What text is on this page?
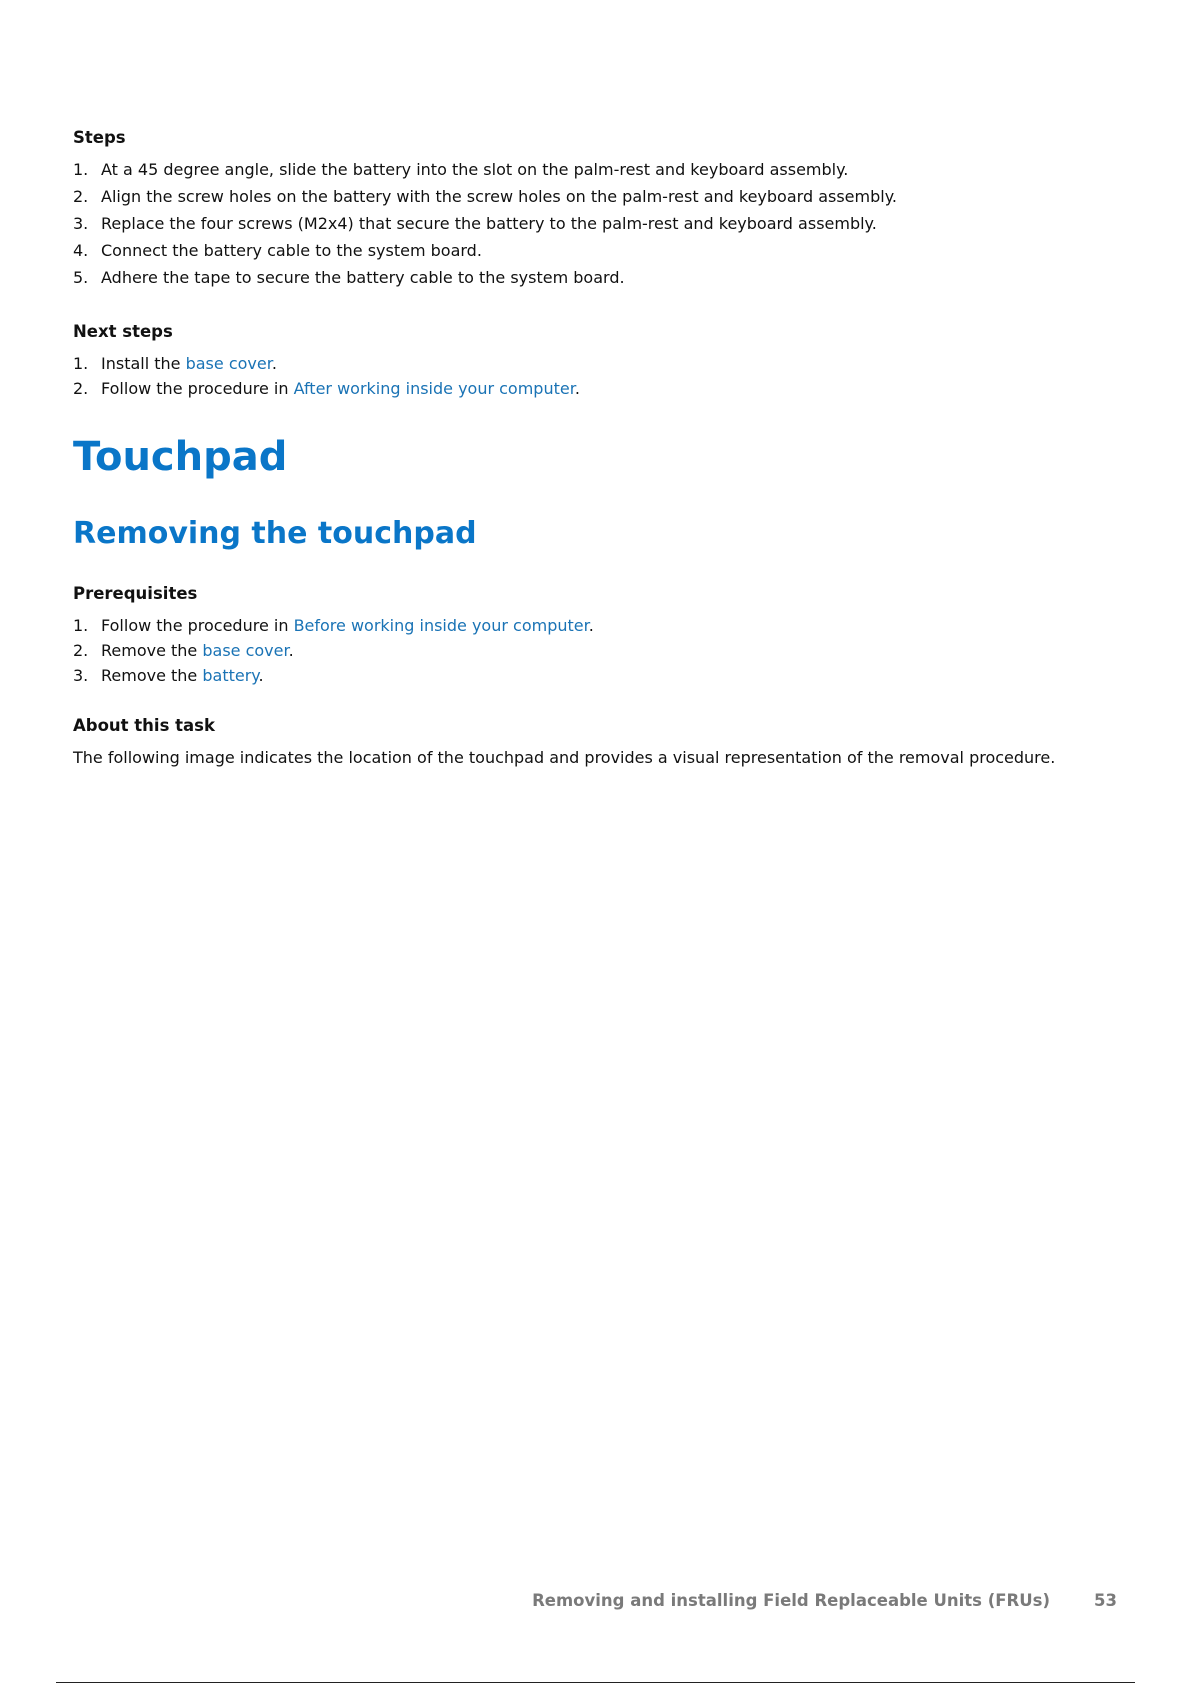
Steps
1. At a 45 degree angle, slide the battery into the slot on the palm-rest and keyboard assembly.
2. Align the screw holes on the battery with the screw holes on the palm-rest and keyboard assembly.
3. Replace the four screws (M2x4) that secure the battery to the palm-rest and keyboard assembly.
4. Connect the battery cable to the system board.
5. Adhere the tape to secure the battery cable to the system board.
Next steps
1. Install the base cover.
2. Follow the procedure in After working inside your computer.
Touchpad
Removing the touchpad
Prerequisites
1. Follow the procedure in Before working inside your computer.
2. Remove the base cover.
3. Remove the battery.
About this task

The following image indicates the location of the touchpad and provides a visual representation of the removal procedure.

Removing and installing Field Replaceable Units (FRUs)	53
